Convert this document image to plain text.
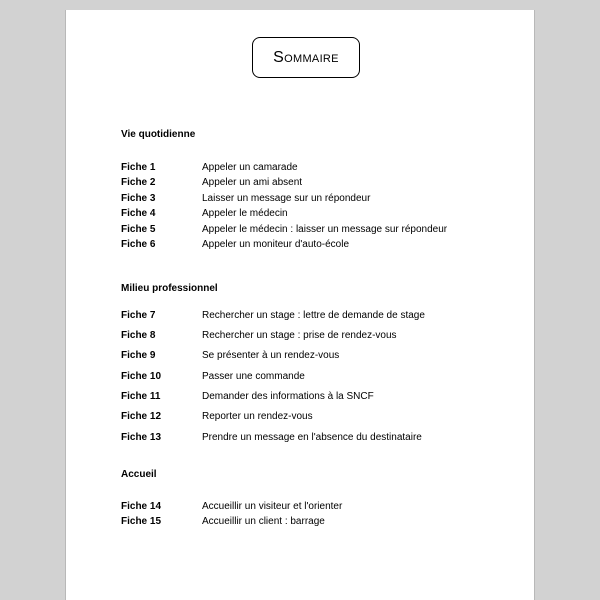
Sommaire
Vie quotidienne
Fiche 1	Appeler un camarade
Fiche 2	Appeler un ami absent
Fiche 3	Laisser un message sur un répondeur
Fiche 4	Appeler le médecin
Fiche 5	Appeler le médecin : laisser un message sur répondeur
Fiche 6	Appeler un moniteur d'auto-école
Milieu professionnel
Fiche 7	Rechercher un stage : lettre de demande de stage
Fiche 8	Rechercher un stage : prise de rendez-vous
Fiche 9	Se présenter à un rendez-vous
Fiche 10	Passer une commande
Fiche 11	Demander des informations à la SNCF
Fiche 12	Reporter un rendez-vous
Fiche 13	Prendre un message en l'absence du destinataire
Accueil
Fiche 14	Accueillir un visiteur et l'orienter
Fiche 15	Accueillir un client : barrage
